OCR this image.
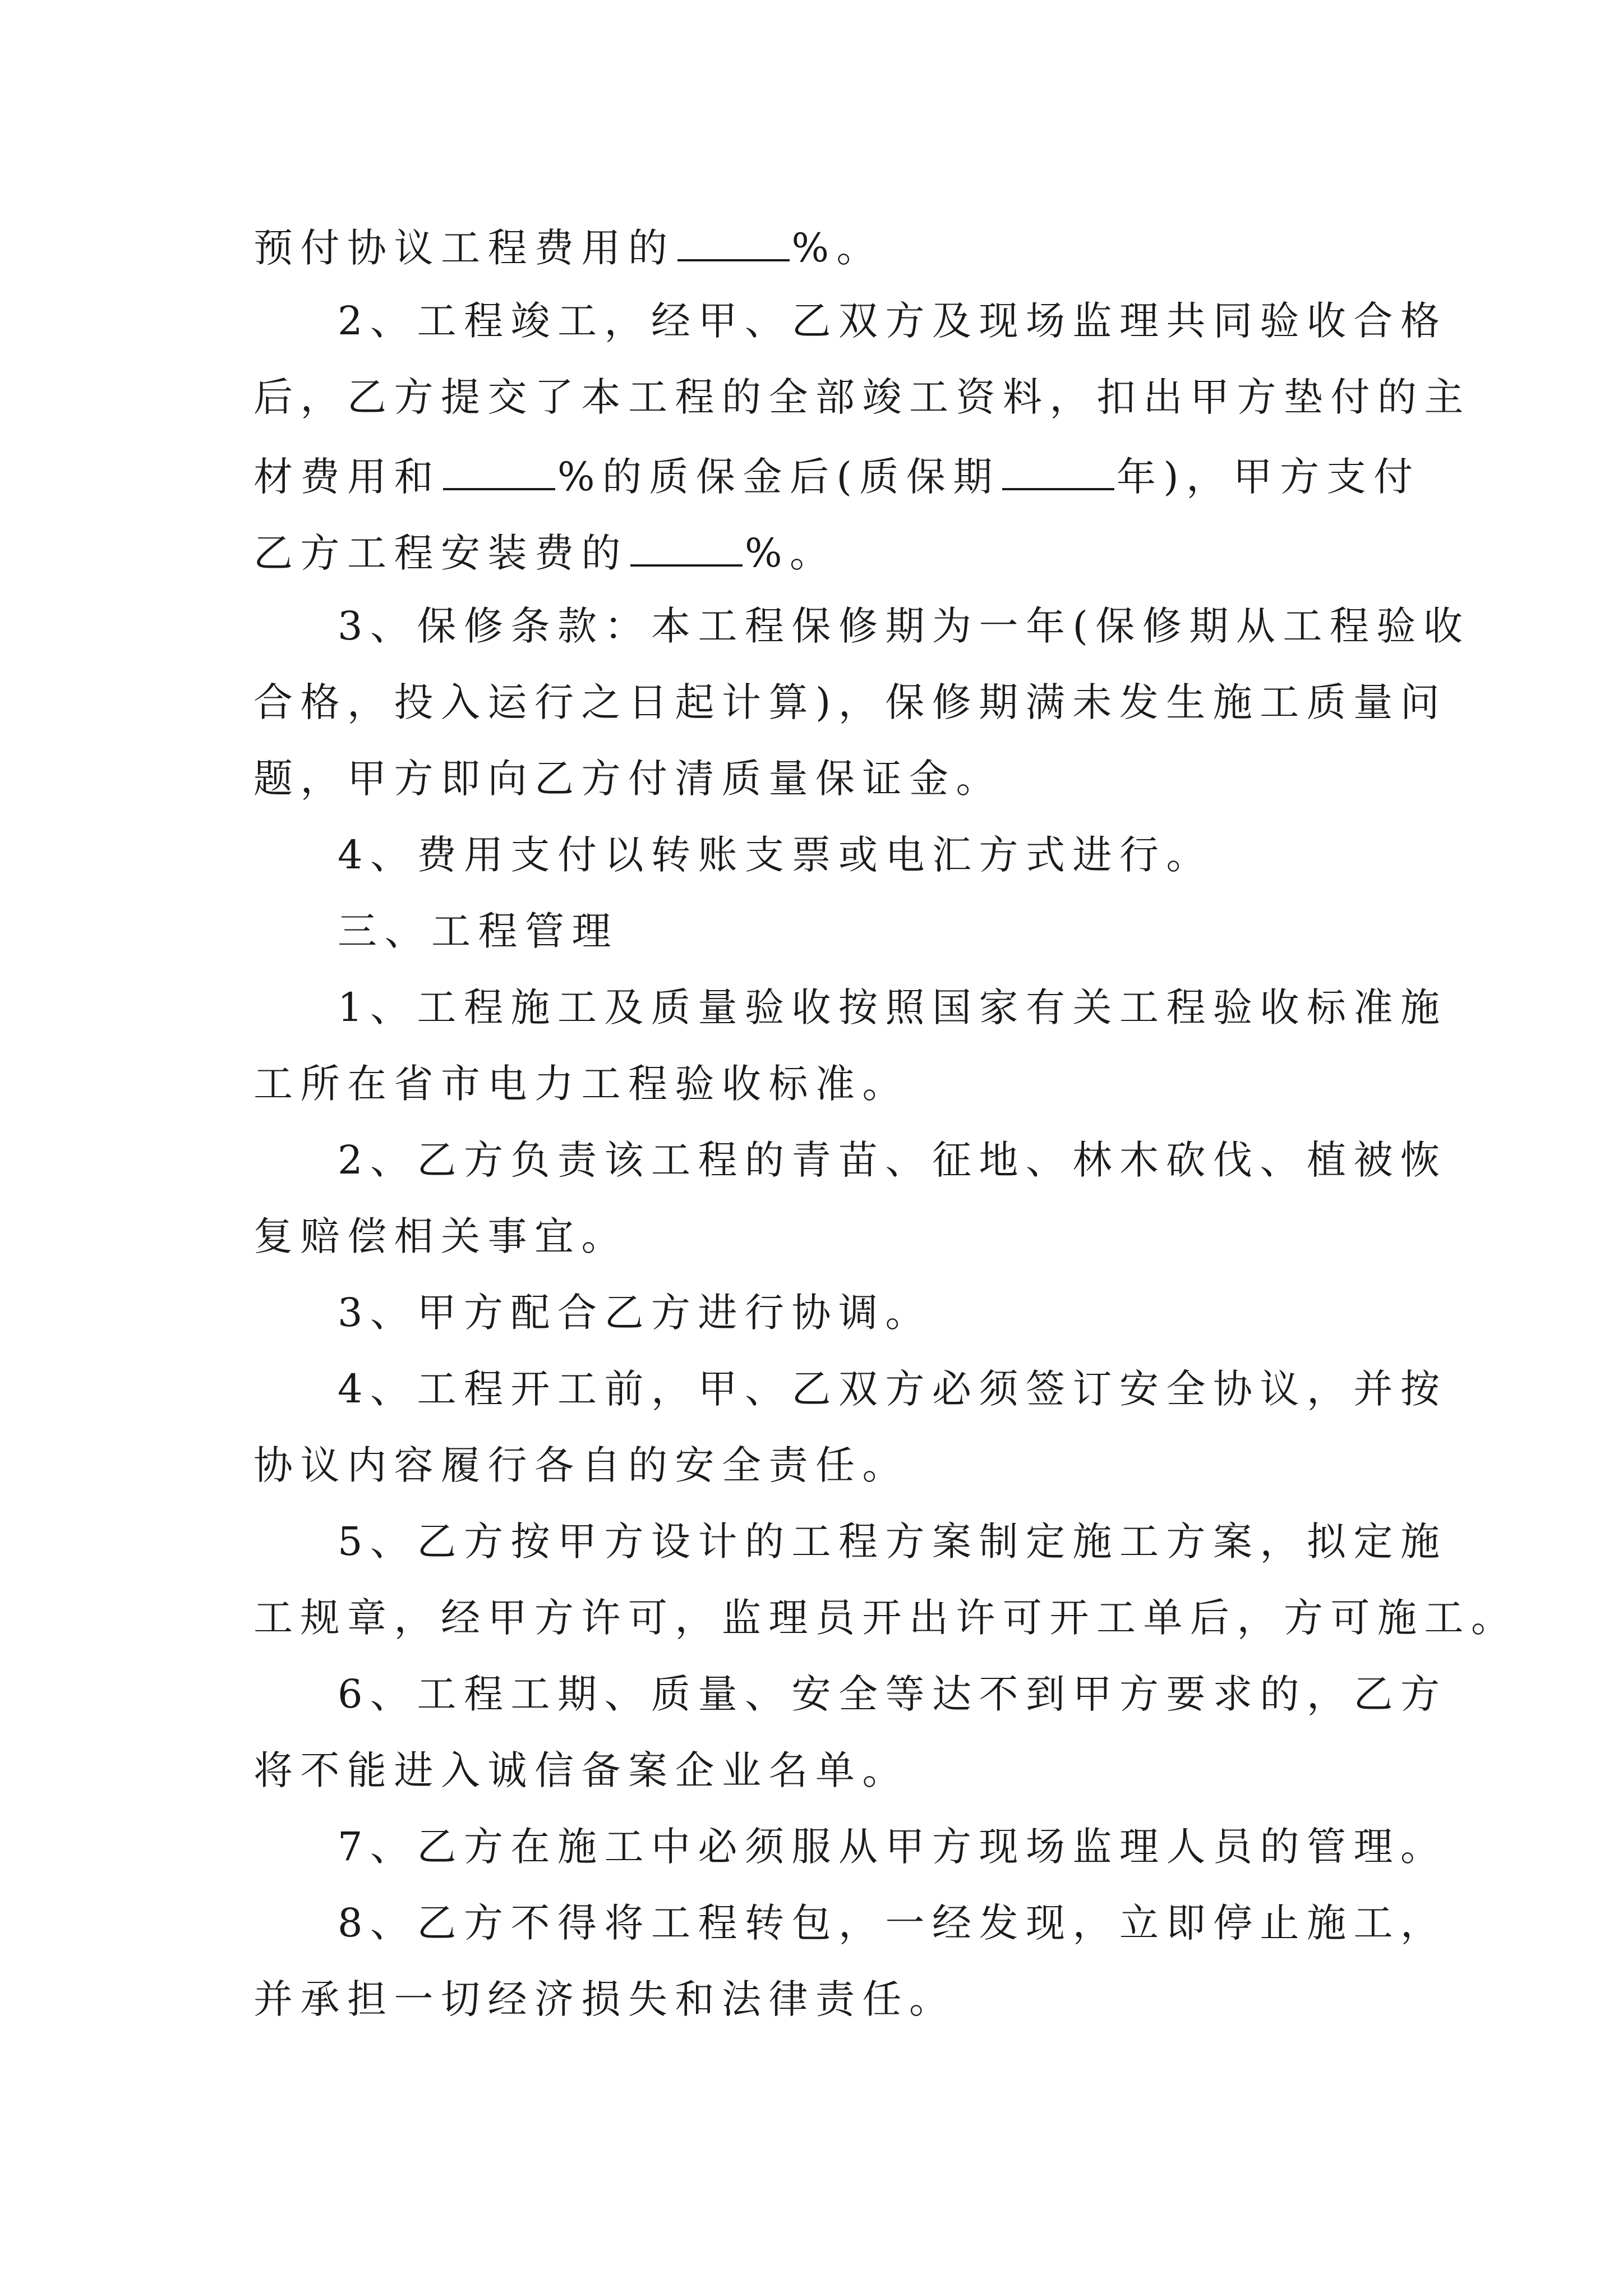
预付协议工程费用的	%。
2、工程竣工，经甲、乙双方及现场监理共同验收合格
后，乙方提交了本工程的全部竣工资料，扣出甲方垫付的主
材费用和	%的质保金后(质保期	年)，甲方支付
乙方工程安装费的	%。
3、保修条款：本工程保修期为一年(保修期从工程验收
合格，投入运行之日起计算)，保修期满未发生施工质量问
题，甲方即向乙方付清质量保证金。
4、费用支付以转账支票或电汇方式进行。
三、工程管理
1、工程施工及质量验收按照国家有关工程验收标准施
工所在省市电力工程验收标准。
2、乙方负责该工程的青苗、征地、林木砍伐、植被恢
复赔偿相关事宜。
3、甲方配合乙方进行协调。
4、工程开工前，甲、乙双方必须签订安全协议，并按
协议内容履行各自的安全责任。
5、乙方按甲方设计的工程方案制定施工方案，拟定施
工规章，经甲方许可，监理员开出许可开工单后，方可施工。
6、工程工期、质量、安全等达不到甲方要求的，乙方
将不能进入诚信备案企业名单。
7、乙方在施工中必须服从甲方现场监理人员的管理。
8、乙方不得将工程转包，一经发现，立即停止施工，
并承担一切经济损失和法律责任。
